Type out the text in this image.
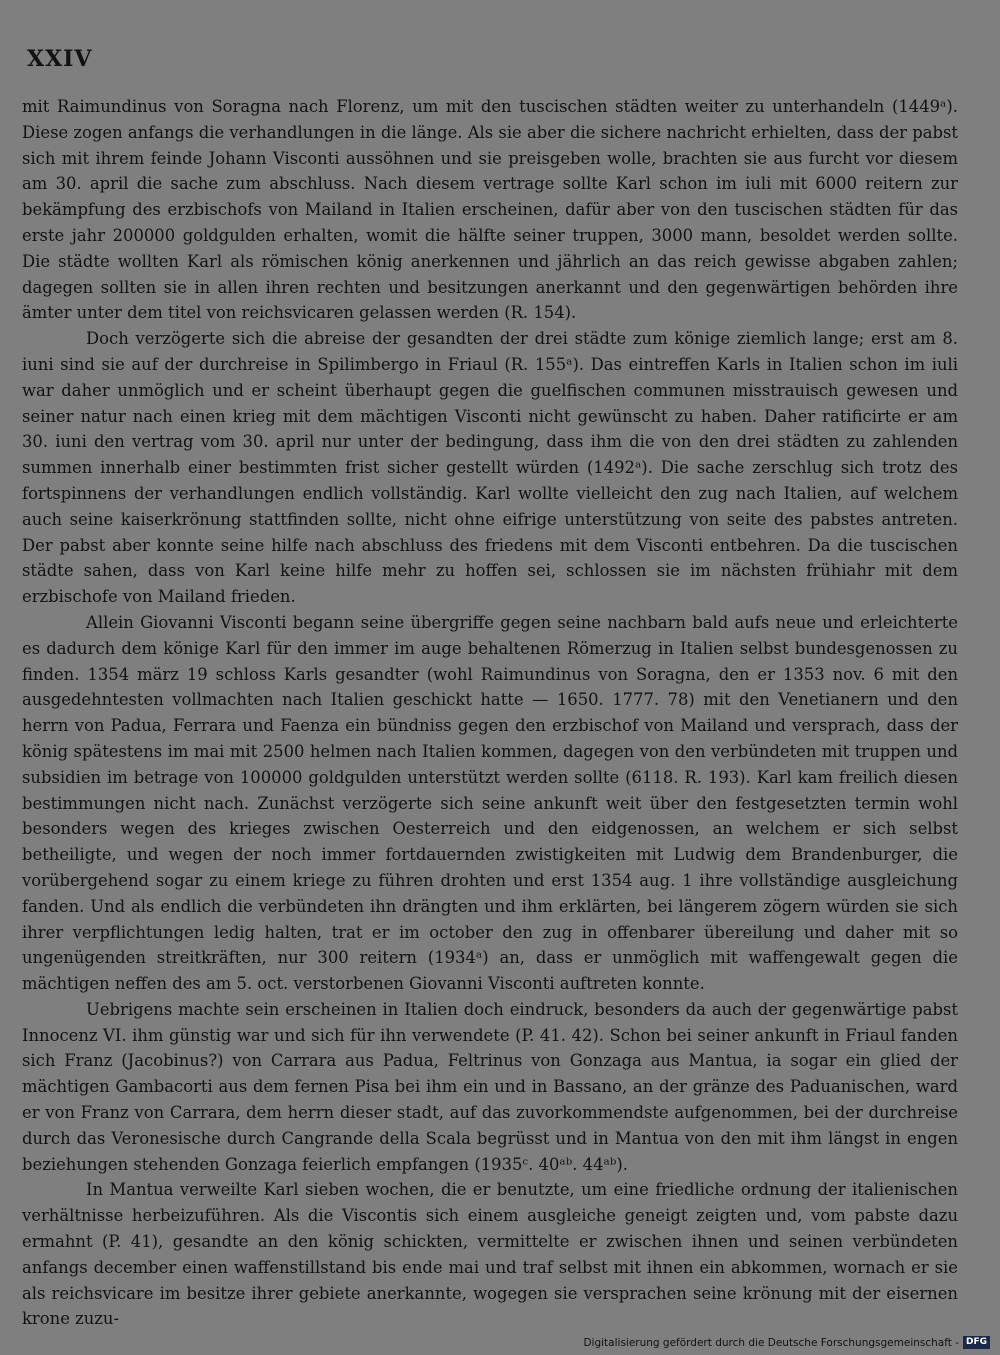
XXIV

mit Raimundinus von Soragna nach Florenz, um mit den tuscischen städten weiter zu unterhandeln (1449ᵃ). Diese zogen anfangs die verhandlungen in die länge. Als sie aber die sichere nachricht erhielten, dass der pabst sich mit ihrem feinde Johann Visconti aussöhnen und sie preisgeben wolle, brachten sie aus furcht vor diesem am 30. april die sache zum abschluss. Nach diesem vertrage sollte Karl schon im iuli mit 6000 reitern zur bekämpfung des erzbischofs von Mailand in Italien erscheinen, dafür aber von den tuscischen städten für das erste jahr 200000 goldgulden erhalten, womit die hälfte seiner truppen, 3000 mann, besoldet werden sollte. Die städte wollten Karl als römischen könig anerkennen und jährlich an das reich gewisse abgaben zahlen; dagegen sollten sie in allen ihren rechten und besitzungen anerkannt und den gegenwärtigen behörden ihre ämter unter dem titel von reichsvicaren gelassen werden (R. 154).

Doch verzögerte sich die abreise der gesandten der drei städte zum könige ziemlich lange; erst am 8. iuni sind sie auf der durchreise in Spilimbergo in Friaul (R. 155ᵃ). Das eintreffen Karls in Italien schon im iuli war daher unmöglich und er scheint überhaupt gegen die guelfischen communen misstrauisch gewesen und seiner natur nach einen krieg mit dem mächtigen Visconti nicht gewünscht zu haben. Daher ratificirte er am 30. iuni den vertrag vom 30. april nur unter der bedingung, dass ihm die von den drei städten zu zahlenden summen innerhalb einer bestimmten frist sicher gestellt würden (1492ᵃ). Die sache zerschlug sich trotz des fortspinnens der verhandlungen endlich vollständig. Karl wollte vielleicht den zug nach Italien, auf welchem auch seine kaiserkrönung stattfinden sollte, nicht ohne eifrige unterstützung von seite des pabstes antreten. Der pabst aber konnte seine hilfe nach abschluss des friedens mit dem Visconti entbehren. Da die tuscischen städte sahen, dass von Karl keine hilfe mehr zu hoffen sei, schlossen sie im nächsten frühiahr mit dem erzbischofe von Mailand frieden.

Allein Giovanni Visconti begann seine übergriffe gegen seine nachbarn bald aufs neue und erleichterte es dadurch dem könige Karl für den immer im auge behaltenen Römerzug in Italien selbst bundesgenossen zu finden. 1354 märz 19 schloss Karls gesandter (wohl Raimundinus von Soragna, den er 1353 nov. 6 mit den ausgedehntesten vollmachten nach Italien geschickt hatte — 1650. 1777. 78) mit den Venetianern und den herrn von Padua, Ferrara und Faenza ein bündniss gegen den erzbischof von Mailand und versprach, dass der könig spätestens im mai mit 2500 helmen nach Italien kommen, dagegen von den verbündeten mit truppen und subsidien im betrage von 100000 goldgulden unterstützt werden sollte (6118. R. 193). Karl kam freilich diesen bestimmungen nicht nach. Zunächst verzögerte sich seine ankunft weit über den festgesetzten termin wohl besonders wegen des krieges zwischen Oesterreich und den eidgenossen, an welchem er sich selbst betheiligte, und wegen der noch immer fortdauernden zwistigkeiten mit Ludwig dem Brandenburger, die vorübergehend sogar zu einem kriege zu führen drohten und erst 1354 aug. 1 ihre vollständige ausgleichung fanden. Und als endlich die verbündeten ihn drängten und ihm erklärten, bei längerem zögern würden sie sich ihrer verpflichtungen ledig halten, trat er im october den zug in offenbarer übereilung und daher mit so ungenügenden streitkräften, nur 300 reitern (1934ᵃ) an, dass er unmöglich mit waffengewalt gegen die mächtigen neffen des am 5. oct. verstorbenen Giovanni Visconti auftreten konnte.

Uebrigens machte sein erscheinen in Italien doch eindruck, besonders da auch der gegenwärtige pabst Innocenz VI. ihm günstig war und sich für ihn verwendete (P. 41. 42). Schon bei seiner ankunft in Friaul fanden sich Franz (Jacobinus?) von Carrara aus Padua, Feltrinus von Gonzaga aus Mantua, ia sogar ein glied der mächtigen Gambacorti aus dem fernen Pisa bei ihm ein und in Bassano, an der gränze des Paduanischen, ward er von Franz von Carrara, dem herrn dieser stadt, auf das zuvorkommendste aufgenommen, bei der durchreise durch das Veronesische durch Cangrande della Scala begrüsst und in Mantua von den mit ihm längst in engen beziehungen stehenden Gonzaga feierlich empfangen (1935ᶜ. 40ᵃᵇ. 44ᵃᵇ).

In Mantua verweilte Karl sieben wochen, die er benutzte, um eine friedliche ordnung der italienischen verhältnisse herbeizuführen. Als die Viscontis sich einem ausgleiche geneigt zeigten und, vom pabste dazu ermahnt (P. 41), gesandte an den könig schickten, vermittelte er zwischen ihnen und seinen verbündeten anfangs december einen waffenstillstand bis ende mai und traf selbst mit ihnen ein abkommen, wornach er sie als reichsvicare im besitze ihrer gebiete anerkannte, wogegen sie versprachen seine krönung mit der eisernen krone zuzu-

Digitalisierung gefördert durch die Deutsche Forschungsgemeinschaft - DFG
